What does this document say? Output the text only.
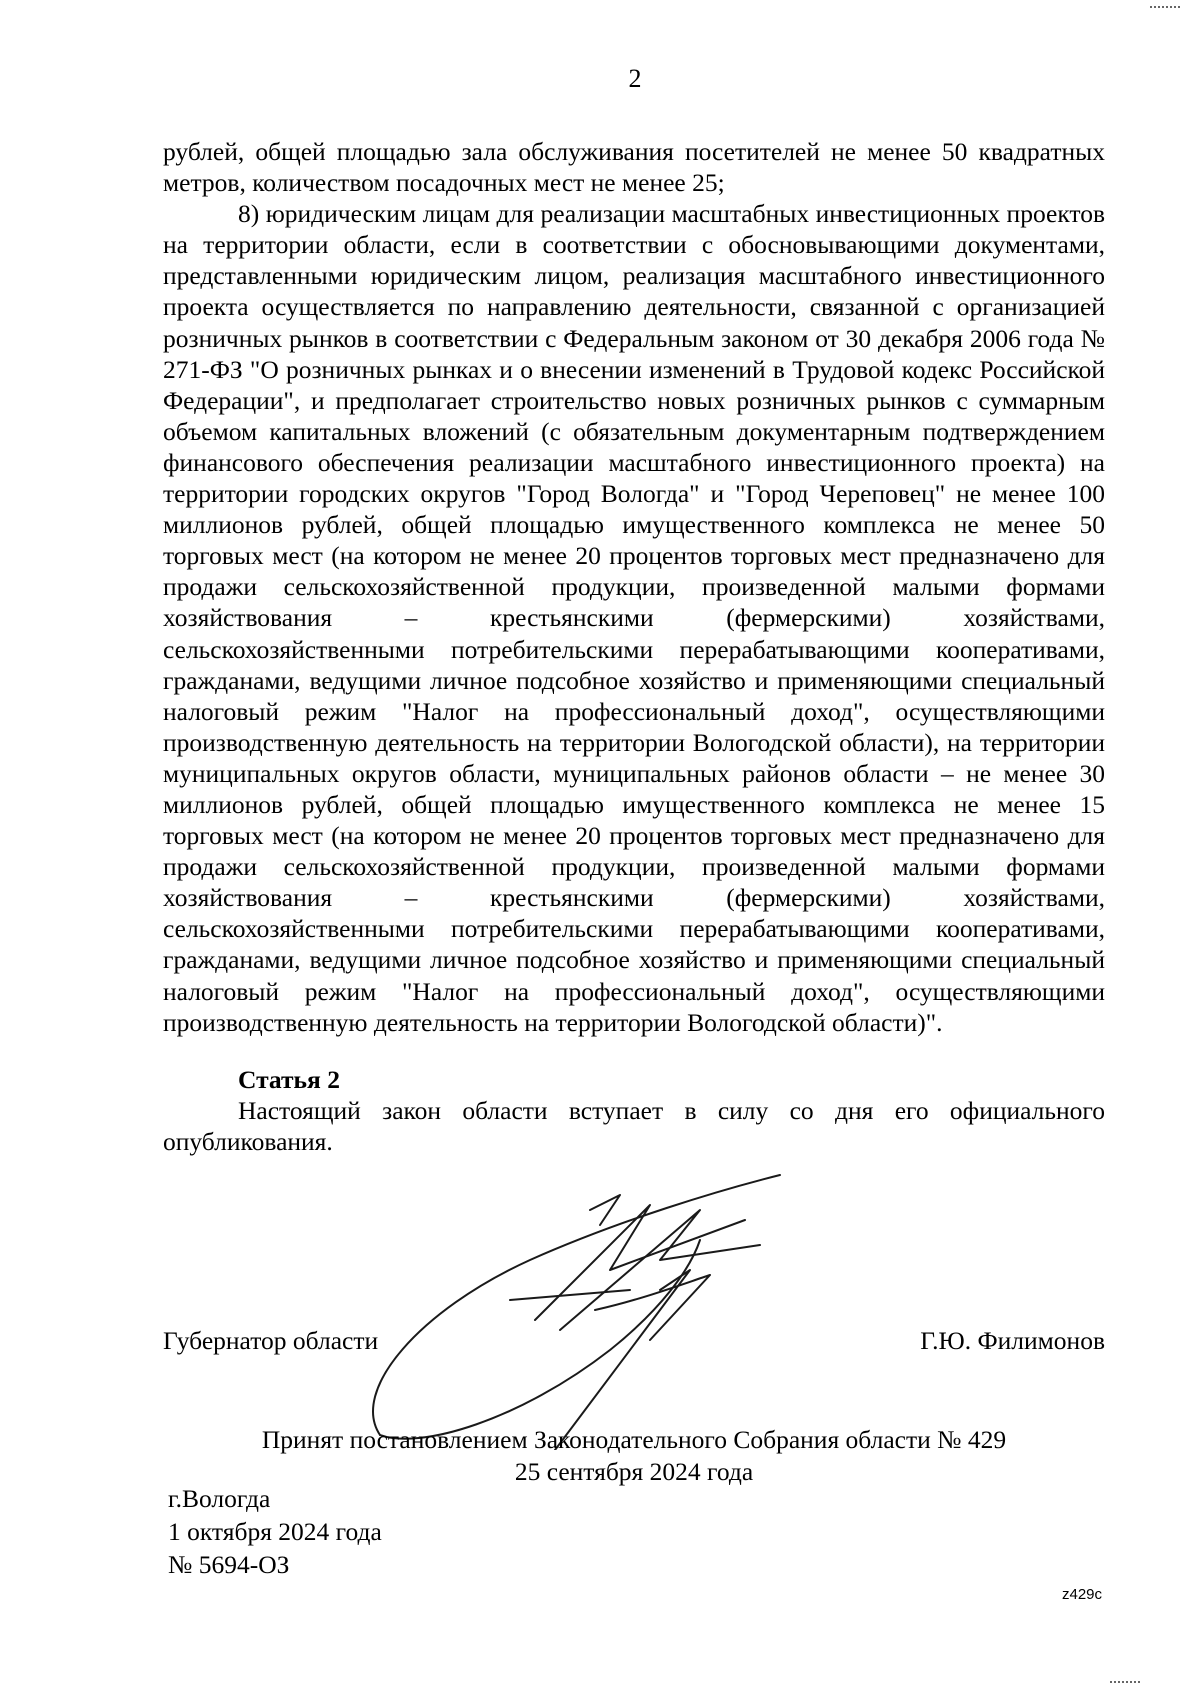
2

рублей, общей площадью зала обслуживания посетителей не менее 50 квадратных метров, количеством посадочных мест не менее 25;

8) юридическим лицам для реализации масштабных инвестиционных проектов на территории области, если в соответствии с обосновывающими документами, представленными юридическим лицом, реализация масштабного инвестиционного проекта осуществляется по направлению деятельности, связанной с организацией розничных рынков в соответствии с Федеральным законом от 30 декабря 2006 года № 271-ФЗ "О розничных рынках и о внесении изменений в Трудовой кодекс Российской Федерации", и предполагает строительство новых розничных рынков с суммарным объемом капитальных вложений (с обязательным документарным подтверждением финансового обеспечения реализации масштабного инвестиционного проекта) на территории городских округов "Город Вологда" и "Город Череповец" не менее 100 миллионов рублей, общей площадью имущественного комплекса не менее 50 торговых мест (на котором не менее 20 процентов торговых мест предназначено для продажи сельскохозяйственной продукции, произведенной малыми формами хозяйствования – крестьянскими (фермерскими) хозяйствами, сельскохозяйственными потребительскими перерабатывающими кооперативами, гражданами, ведущими личное подсобное хозяйство и применяющими специальный налоговый режим "Налог на профессиональный доход", осуществляющими производственную деятельность на территории Вологодской области), на территории муниципальных округов области, муниципальных районов области – не менее 30 миллионов рублей, общей площадью имущественного комплекса не менее 15 торговых мест (на котором не менее 20 процентов торговых мест предназначено для продажи сельскохозяйственной продукции, произведенной малыми формами хозяйствования – крестьянскими (фермерскими) хозяйствами, сельскохозяйственными потребительскими перерабатывающими кооперативами, гражданами, ведущими личное подсобное хозяйство и применяющими специальный налоговый режим "Налог на профессиональный доход", осуществляющими производственную деятельность на территории Вологодской области)".

Статья 2

Настоящий закон области вступает в силу со дня его официального опубликования.

Губернатор области	Г.Ю. Филимонов
Принят постановлением Законодательного Собрания области № 429
25 сентября 2024 года
г.Вологда
1 октября 2024 года
№ 5694-ОЗ
z429c
